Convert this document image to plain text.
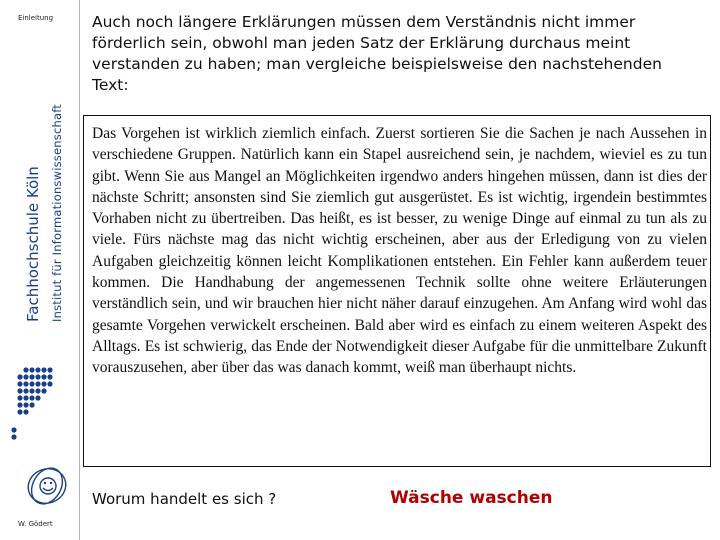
Einleitung
Fachhochschule Köln Institut für Informationswissenschaft
W. Gödert
Auch noch längere Erklärungen müssen dem Verständnis nicht immer förderlich sein, obwohl man jeden Satz der Erklärung durchaus meint verstanden zu haben; man vergleiche beispielsweise den nachstehenden Text:
Das Vorgehen ist wirklich ziemlich einfach. Zuerst sortieren Sie die Sachen je nach Aussehen in verschiedene Gruppen. Natürlich kann ein Stapel ausreichend sein, je nachdem, wieviel es zu tun gibt. Wenn Sie aus Mangel an Möglichkeiten irgendwo anders hingehen müssen, dann ist dies der nächste Schritt; ansonsten sind Sie ziemlich gut ausgerüstet. Es ist wichtig, irgendein bestimmtes Vorhaben nicht zu übertreiben. Das heißt, es ist besser, zu wenige Dinge auf einmal zu tun als zu viele. Fürs nächste mag das nicht wichtig erscheinen, aber aus der Erledigung von zu vielen Aufgaben gleichzeitig können leicht Komplikationen entstehen. Ein Fehler kann außerdem teuer kommen. Die Handhabung der angemessenen Technik sollte ohne weitere Erläuterungen verständlich sein, und wir brauchen hier nicht näher darauf einzugehen. Am Anfang wird wohl das gesamte Vorgehen verwickelt erscheinen. Bald aber wird es einfach zu einem weiteren Aspekt des Alltags. Es ist schwierig, das Ende der Notwendigkeit dieser Aufgabe für die unmittelbare Zukunft vorauszusehen, aber über das was danach kommt, weiß man überhaupt nichts.
Worum handelt es sich ?	Wäsche waschen
